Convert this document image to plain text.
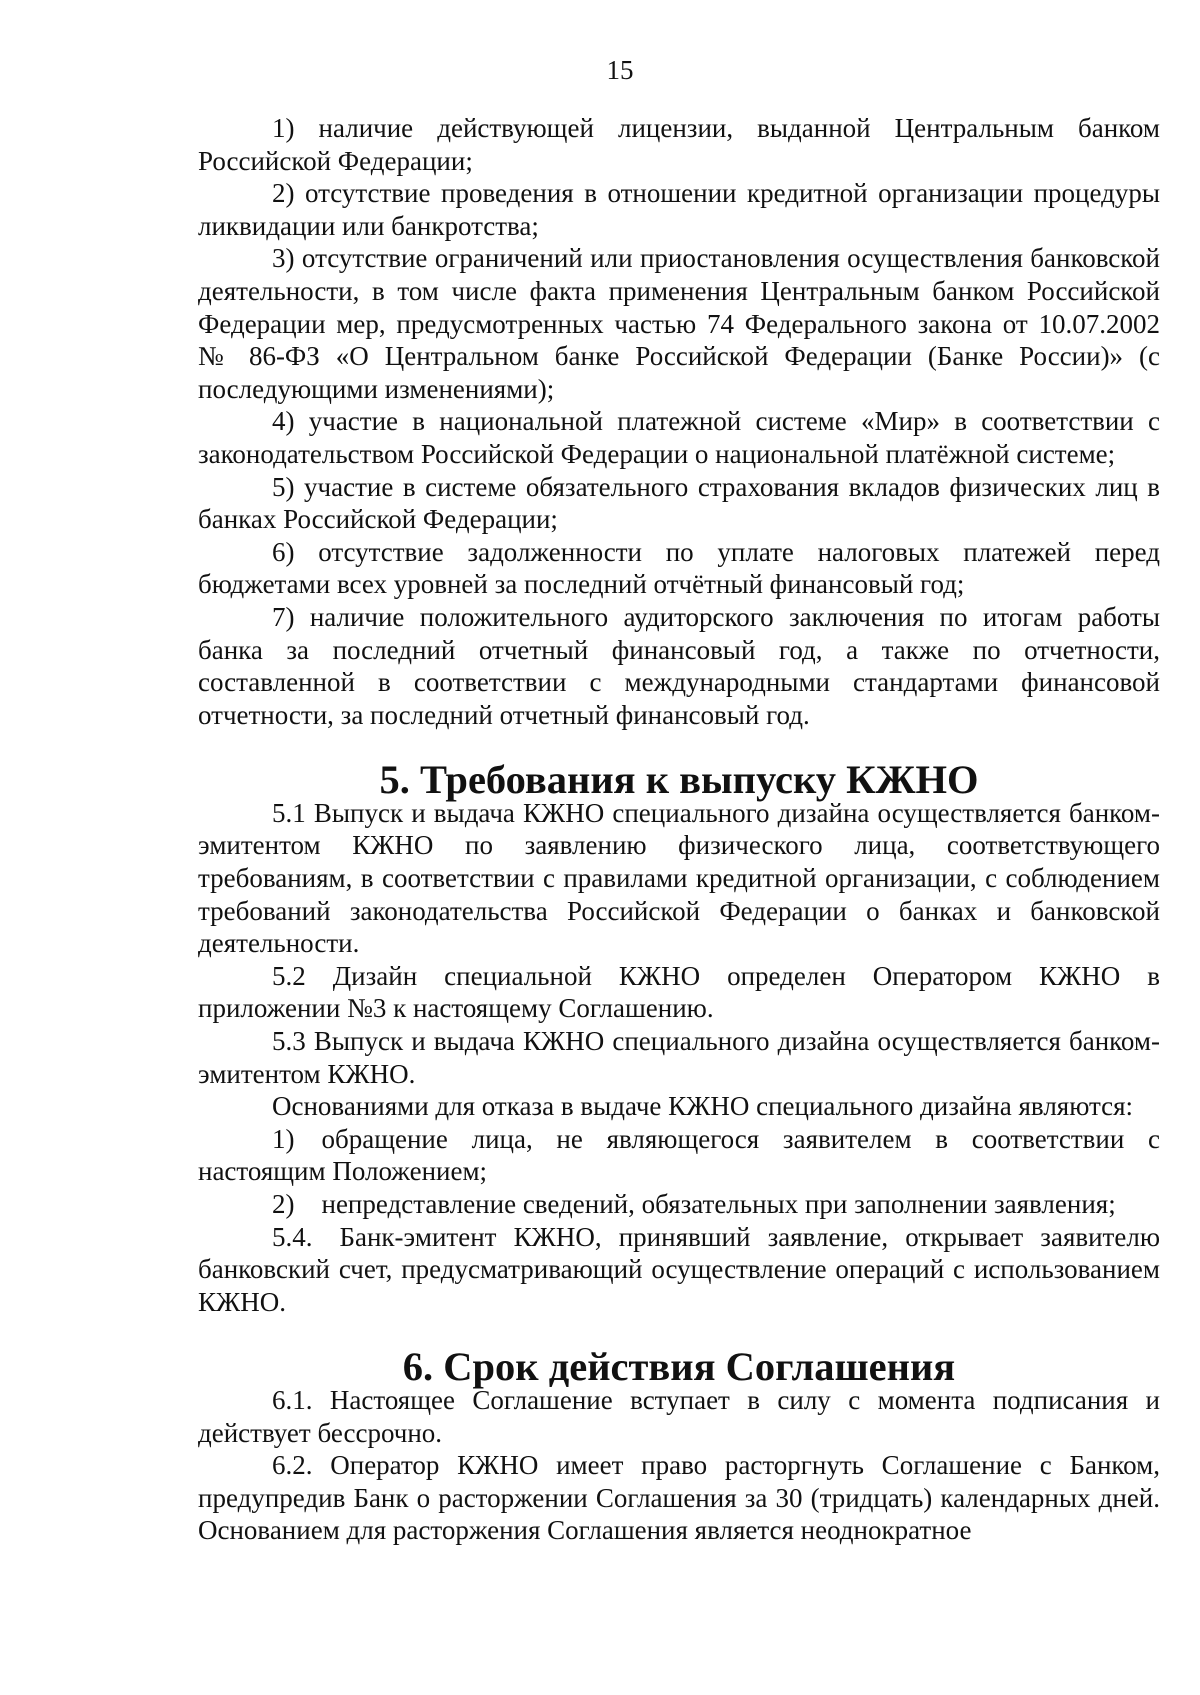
15

1) наличие действующей лицензии, выданной Центральным банком Российской Федерации;

2) отсутствие проведения в отношении кредитной организации процедуры ликвидации или банкротства;

3) отсутствие ограничений или приостановления осуществления банковской деятельности, в том числе факта применения Центральным банком Российской Федерации мер, предусмотренных частью 74 Федерального закона от 10.07.2002 № 86-ФЗ «О Центральном банке Российской Федерации (Банке России)» (с последующими изменениями);

4) участие в национальной платежной системе «Мир» в соответствии с законодательством Российской Федерации о национальной платёжной системе;

5) участие в системе обязательного страхования вкладов физических лиц в банках Российской Федерации;

6) отсутствие задолженности по уплате налоговых платежей перед бюджетами всех уровней за последний отчётный финансовый год;

7) наличие положительного аудиторского заключения по итогам работы банка за последний отчетный финансовый год, а также по отчетности, составленной в соответствии с международными стандартами финансовой отчетности, за последний отчетный финансовый год.

5. Требования к выпуску КЖНО

5.1 Выпуск и выдача КЖНО специального дизайна осуществляется банком-эмитентом КЖНО по заявлению физического лица, соответствующего требованиям, в соответствии с правилами кредитной организации, с соблюдением требований законодательства Российской Федерации о банках и банковской деятельности.

5.2 Дизайн специальной КЖНО определен Оператором КЖНО в приложении №3 к настоящему Соглашению.

5.3 Выпуск и выдача КЖНО специального дизайна осуществляется банком-эмитентом КЖНО.

Основаниями для отказа в выдаче КЖНО специального дизайна являются:

1) обращение лица, не являющегося заявителем в соответствии с настоящим Положением;

2) непредставление сведений, обязательных при заполнении заявления;

5.4. Банк-эмитент КЖНО, принявший заявление, открывает заявителю банковский счет, предусматривающий осуществление операций с использованием КЖНО.

6. Срок действия Соглашения

6.1. Настоящее Соглашение вступает в силу с момента подписания и действует бессрочно.

6.2. Оператор КЖНО имеет право расторгнуть Соглашение с Банком, предупредив Банк о расторжении Соглашения за 30 (тридцать) календарных дней. Основанием для расторжения Соглашения является неоднократное
